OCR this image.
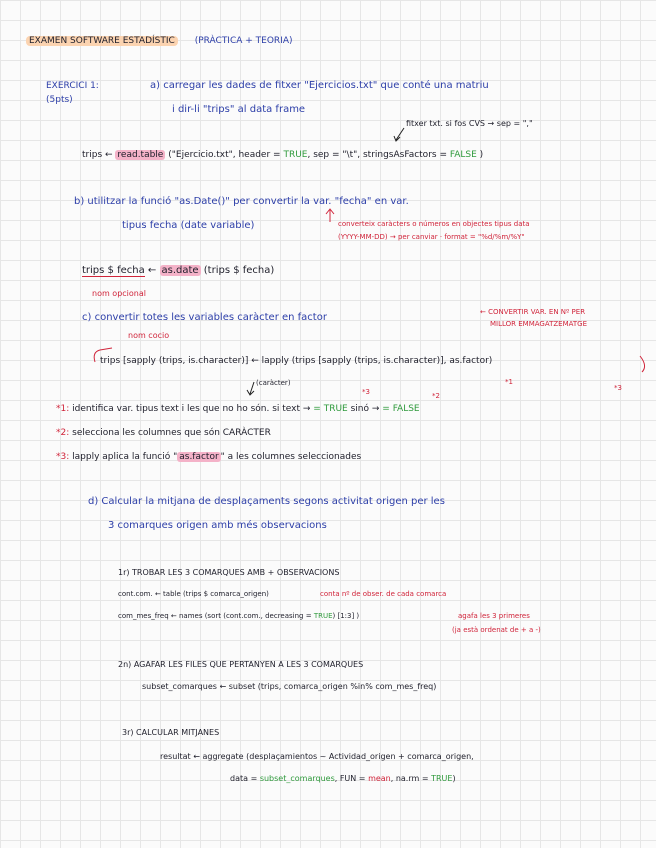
EXAMEN SOFTWARE ESTADÍSTIC (PRÀCTICA + TEORIA)
EXERCICI 1:
(5pts)
a) carregar les dades de fitxer "Ejercicios.txt" que conté una matriu
i dir-li "trips" al data frame
fitxer txt. si fos CVS → sep = ","
trips ← read.table ("Ejercicio.txt", header = TRUE, sep = "\t", stringsAsFactors = FALSE )
b) utilitzar la funció "as.Date()" per convertir la var. "fecha" en var.
tipus fecha (date variable)	converteix caràcters o números en objectes tipus data
(YYYY-MM-DD) → per canviar · format = "%d/%m/%Y"
trips $ fecha ← as.date (trips $ fecha)
nom opcional
c) convertir totes les variables caràcter en factor	← CONVERTIR VAR. EN Nº PER
MILLOR EMMAGATZEMATGE
nom cocio
trips [sapply (trips, is.character)] ← lapply (trips [sapply (trips, is.character)], as.factor)
(caràcter)
*3	*2
*1
*3
*1: identifica var. tipus text i les que no ho són. si text → = TRUE sinó → = FALSE
*2: selecciona les columnes que són CARÀCTER
*3: lapply aplica la funció " as.factor " a les columnes seleccionades
d) Calcular la mitjana de desplaçaments segons activitat origen per les
3 comarques origen amb més observacions
1r) TROBAR LES 3 COMARQUES AMB + OBSERVACIONS
cont.com. ← table (trips $ comarca_origen)	conta nº de obser. de cada comarca
com_mes_freq ← names (sort (cont.com., decreasing = TRUE) [1:3] )	agafa les 3 primeres
(ja està ordenat de + a -)
2n) AGAFAR LES FILES QUE PERTANYEN A LES 3 COMARQUES
subset_comarques ← subset (trips, comarca_origen %in% com_mes_freq)
3r) CALCULAR MITJANES
resultat ← aggregate (desplaçamientos ~ Actividad_origen + comarca_origen,
data = subset_comarques, FUN = mean, na.rm = TRUE)
